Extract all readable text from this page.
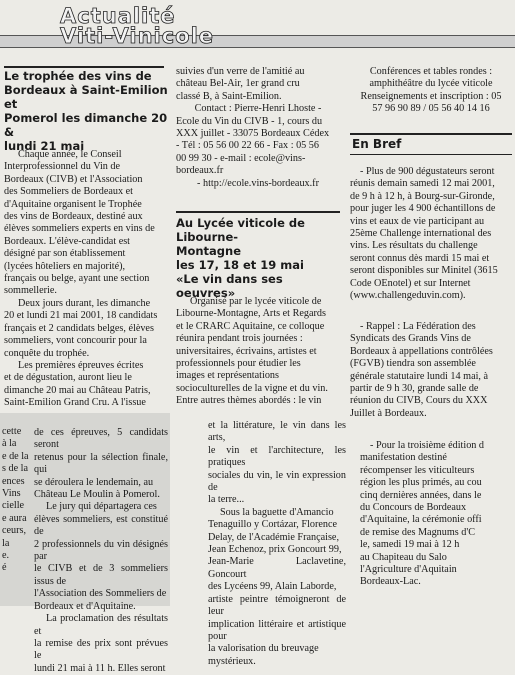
Actualité
Viti-Vinicole
Le trophée des vins de
Bordeaux à Saint-Emilion et
Pomerol les dimanche 20 &
lundi 21 mai
Chaque année, le Conseil
Interprofessionnel du Vin de
Bordeaux (CIVB) et l'Association
des Sommeliers de Bordeaux et
d'Aquitaine organisent le Trophée
des vins de Bordeaux, destiné aux
élèves sommeliers experts en vins de
Bordeaux. L'élève-candidat est
désigné par son établissement
(lycées hôteliers en majorité),
français ou belge, ayant une section
sommellerie.
Deux jours durant, les dimanche
20 et lundi 21 mai 2001, 18 candidats
français et 2 candidats belges, élèves
sommeliers, vont concourir pour la
conquête du trophée.
Les premières épreuves écrites
et de dégustation, auront lieu le
dimanche 20 mai au Château Patris,
Saint-Emilion Grand Cru. A l'issue
cette
à la
e de la
s de la
ences
Vins
cielle
e aura
ceurs,
la
e.
é
de ces épreuves, 5 candidats seront
retenus pour la sélection finale, qui
se déroulera le lendemain, au
Château Le Moulin à Pomerol.
Le jury qui départagera ces
élèves sommeliers, est constitué de
2 professionnels du vin désignés par
le CIVB et de 3 sommeliers issus de
l'Association des Sommeliers de
Bordeaux et d'Aquitaine.
La proclamation des résultats et
la remise des prix sont prévues le
lundi 21 mai à 11 h. Elles seront
suivies d'un verre de l'amitié au
château Bel-Air, 1er grand cru
classé B, à Saint-Emilion.
Contact : Pierre-Henri Lhoste -
Ecole du Vin du CIVB - 1, cours du
XXX juillet - 33075 Bordeaux Cédex
- Tél : 05 56 00 22 66 - Fax : 05 56
00 99 30 - e-mail : ecole@vins-
bordeaux.fr
- http://ecole.vins-bordeaux.fr
Au Lycée viticole de Libourne-
Montagne
les 17, 18 et 19 mai
«Le vin dans ses oeuvres»
Organisé par le lycée viticole de
Libourne-Montagne, Arts et Regards
et le CRARC Aquitaine, ce colloque
réunira pendant trois journées :
universitaires, écrivains, artistes et
professionnels pour étudier les
images et représentations
socioculturelles de la vigne et du vin.
Entre autres thèmes abordés : le vin
et la littérature, le vin dans les arts,
le vin et l'architecture, les pratiques
sociales du vin, le vin expression de
la terre...
Sous la baguette d'Amancio
Tenaguillo y Cortázar, Florence
Delay, de l'Académie Française,
Jean Echenoz, prix Goncourt 99,
Jean-Marie Laclavetine, Goncourt
des Lycéens 99, Alain Laborde,
artiste peintre témoigneront de leur
implication littéraire et artistique pour
la valorisation du breuvage
mystérieux.
Conférences et tables rondes :
amphithéâtre du lycée viticole
Renseignements et inscription : 05
57 96 90 89 / 05 56 40 14 16
En Bref
- Plus de 900 dégustateurs seront
réunis demain samedi 12 mai 2001,
de 9 h à 12 h, à Bourg-sur-Gironde,
pour juger les 4 900 échantillons de
vins et eaux de vie participant au
25ème Challenge international des
vins. Les résultats du challenge
seront connus dès mardi 15 mai et
seront disponibles sur Minitel (3615
Code OEnotel) et sur Internet
(www.challengeduvin.com).
- Rappel : La Fédération des
Syndicats des Grands Vins de
Bordeaux à appellations contrôlées
(FGVB) tiendra son assemblée
générale statutaire lundi 14 mai, à
partir de 9 h 30, grande salle de
réunion du CIVB, Cours du XXX
Juillet à Bordeaux.
- Pour la troisième édition d
manifestation destiné
récompenser les viticulteurs
région les plus primés, au cou
cinq dernières années, dans le
du Concours de Bordeaux
d'Aquitaine, la cérémonie offi
de remise des Magnums d'C
le, samedi 19 mai à 12 h
au Chapiteau du Salo
l'Agriculture d'Aquitain
Bordeaux-Lac.
